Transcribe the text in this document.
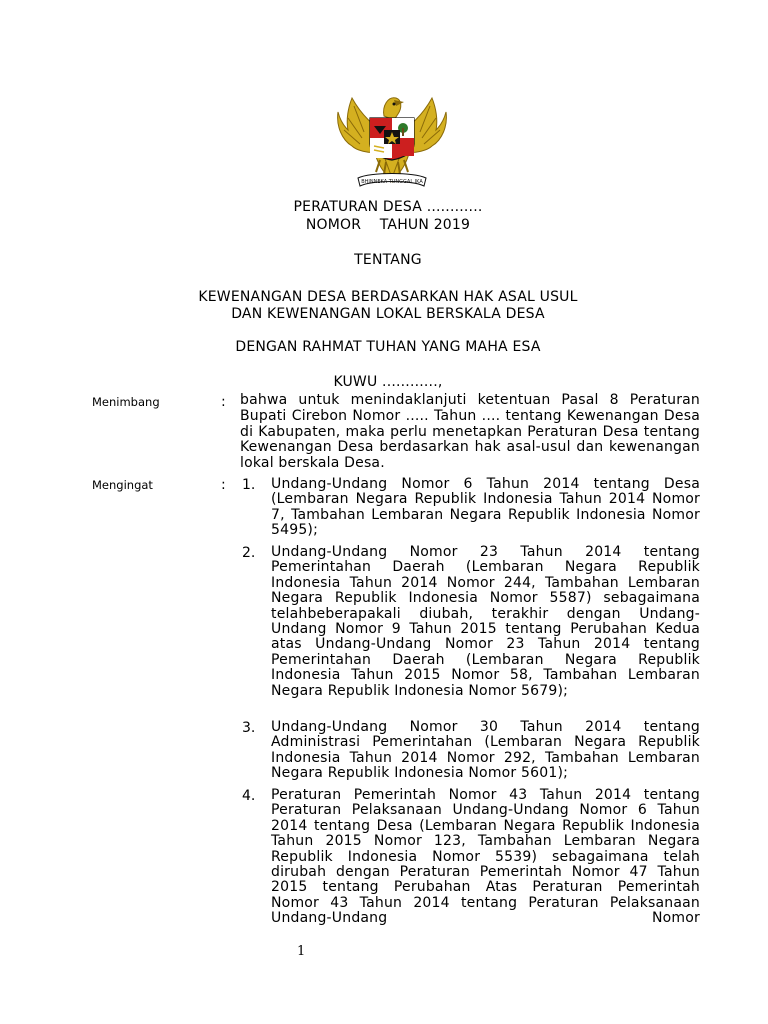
BHINNEKA TUNGGAL IKA
PERATURAN DESA ............
NOMOR    TAHUN 2019
TENTANG
KEWENANGAN DESA BERDASARKAN HAK ASAL USUL
DAN KEWENANGAN LOKAL BERSKALA DESA
DENGAN RAHMAT TUHAN YANG MAHA ESA
KUWU ............,
Menimbang	: bahwa untuk menindaklanjuti ketentuan Pasal 8 Peraturan Bupati Cirebon Nomor ..... Tahun .... tentang Kewenangan Desa di Kabupaten, maka perlu menetapkan Peraturan Desa tentang Kewenangan Desa berdasarkan hak asal-usul dan kewenangan lokal berskala Desa.
Mengingat	: 1. Undang-Undang Nomor 6 Tahun 2014 tentang Desa (Lembaran Negara Republik Indonesia Tahun 2014 Nomor 7, Tambahan Lembaran Negara Republik Indonesia Nomor 5495);
2. Undang-Undang Nomor 23 Tahun 2014 tentang Pemerintahan Daerah (Lembaran Negara Republik Indonesia Tahun 2014 Nomor 244, Tambahan Lembaran Negara Republik Indonesia Nomor 5587) sebagaimana telahbeberapakali diubah, terakhir dengan Undang-Undang Nomor 9 Tahun 2015 tentang Perubahan Kedua atas Undang-Undang Nomor 23 Tahun 2014 tentang Pemerintahan Daerah (Lembaran Negara Republik Indonesia Tahun 2015 Nomor 58, Tambahan Lembaran Negara Republik Indonesia Nomor 5679);
3. Undang-Undang Nomor 30 Tahun 2014 tentang Administrasi Pemerintahan (Lembaran Negara Republik Indonesia Tahun 2014 Nomor 292, Tambahan Lembaran Negara Republik Indonesia Nomor 5601);
4. Peraturan Pemerintah Nomor 43 Tahun 2014 tentang Peraturan Pelaksanaan Undang-Undang Nomor 6 Tahun 2014 tentang Desa (Lembaran Negara Republik Indonesia Tahun 2015 Nomor 123, Tambahan Lembaran Negara Republik Indonesia Nomor 5539) sebagaimana telah dirubah dengan Peraturan Pemerintah Nomor 47 Tahun 2015 tentang Perubahan Atas Peraturan Pemerintah Nomor 43 Tahun 2014 tentang Peraturan Pelaksanaan Undang-Undang Nomor
1
